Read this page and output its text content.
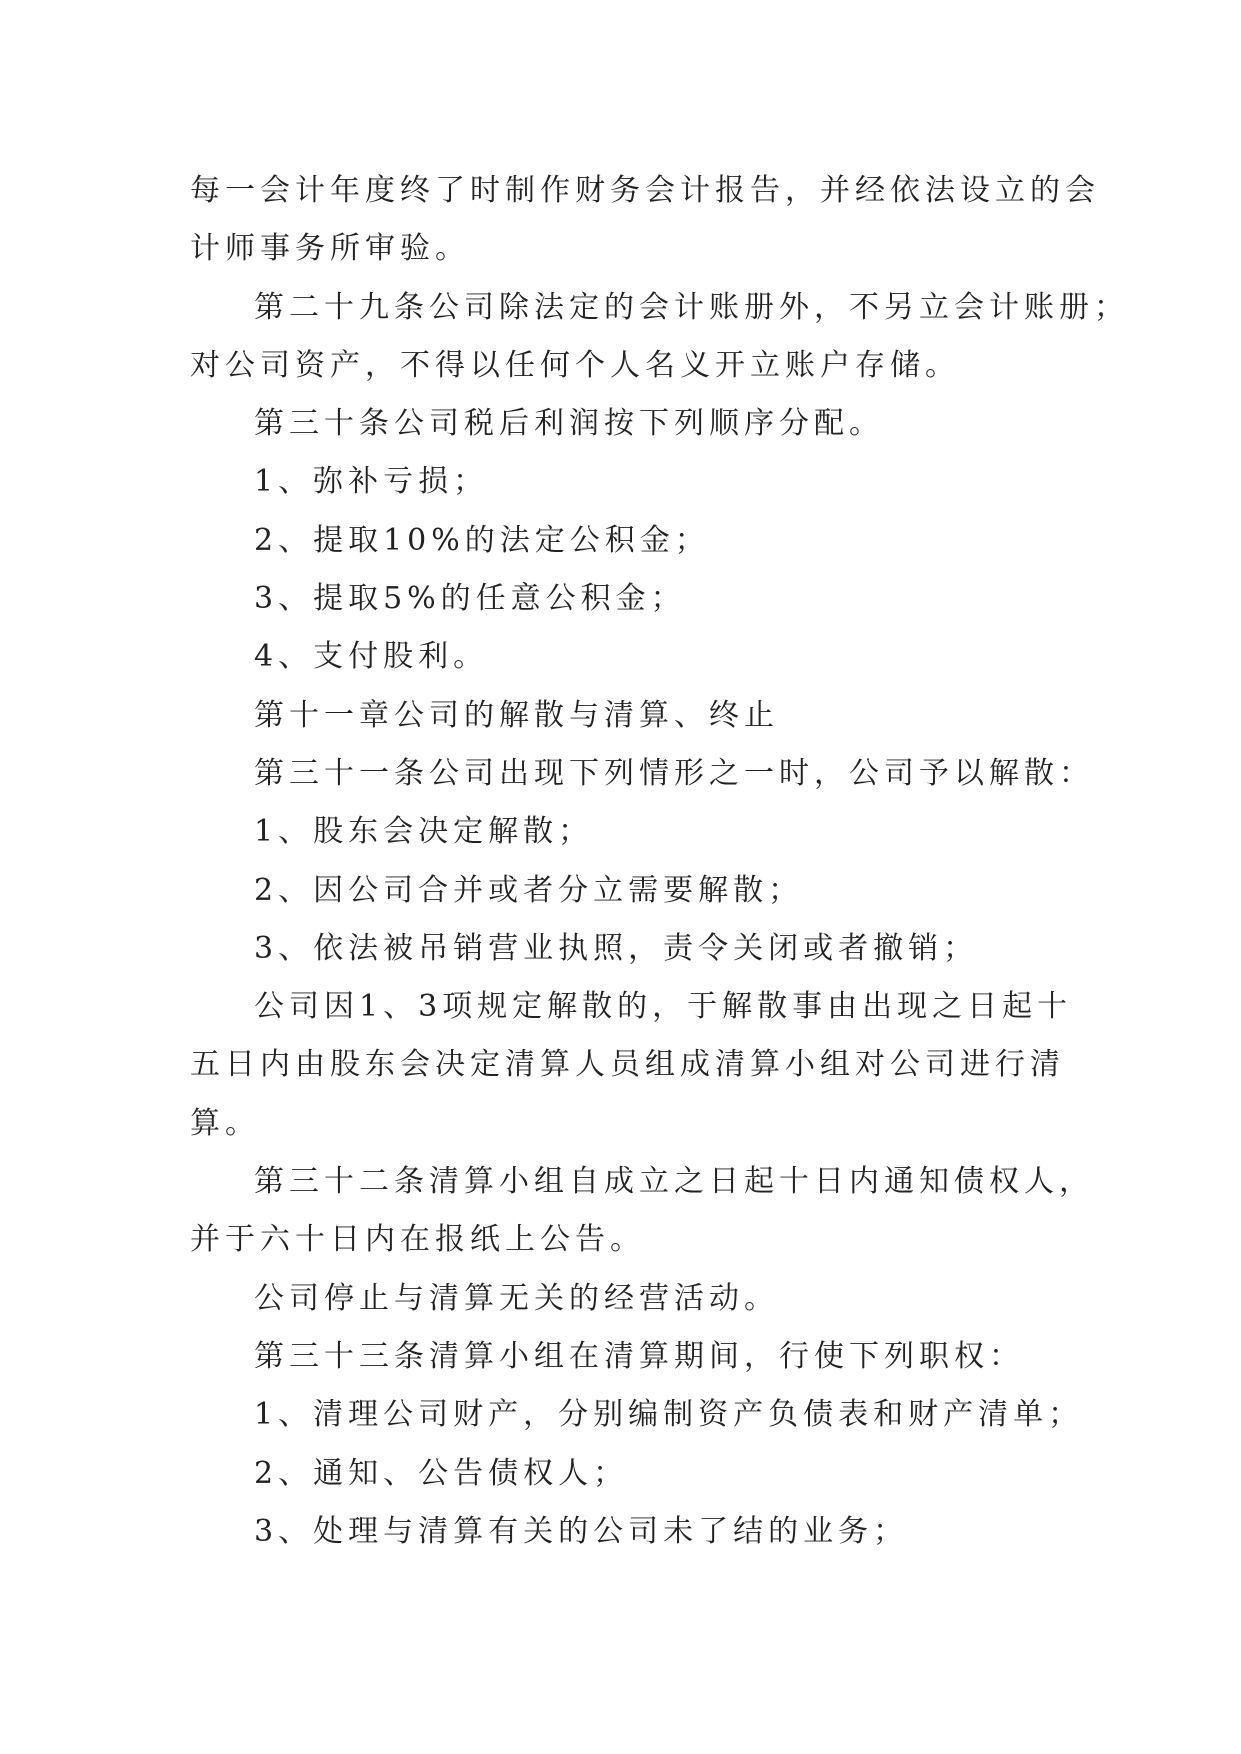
每一会计年度终了时制作财务会计报告，并经依法设立的会
计师事务所审验。

第二十九条公司除法定的会计账册外，不另立会计账册；
对公司资产，不得以任何个人名义开立账户存储。

第三十条公司税后利润按下列顺序分配。

1、弥补亏损；

2、提取10%的法定公积金；

3、提取5%的任意公积金；

4、支付股利。

第十一章公司的解散与清算、终止

第三十一条公司出现下列情形之一时，公司予以解散：

1、股东会决定解散；

2、因公司合并或者分立需要解散；

3、依法被吊销营业执照，责令关闭或者撤销；

公司因1、3项规定解散的，于解散事由出现之日起十
五日内由股东会决定清算人员组成清算小组对公司进行清
算。

第三十二条清算小组自成立之日起十日内通知债权人，
并于六十日内在报纸上公告。

公司停止与清算无关的经营活动。

第三十三条清算小组在清算期间，行使下列职权：

1、清理公司财产，分别编制资产负债表和财产清单；

2、通知、公告债权人；

3、处理与清算有关的公司未了结的业务；
